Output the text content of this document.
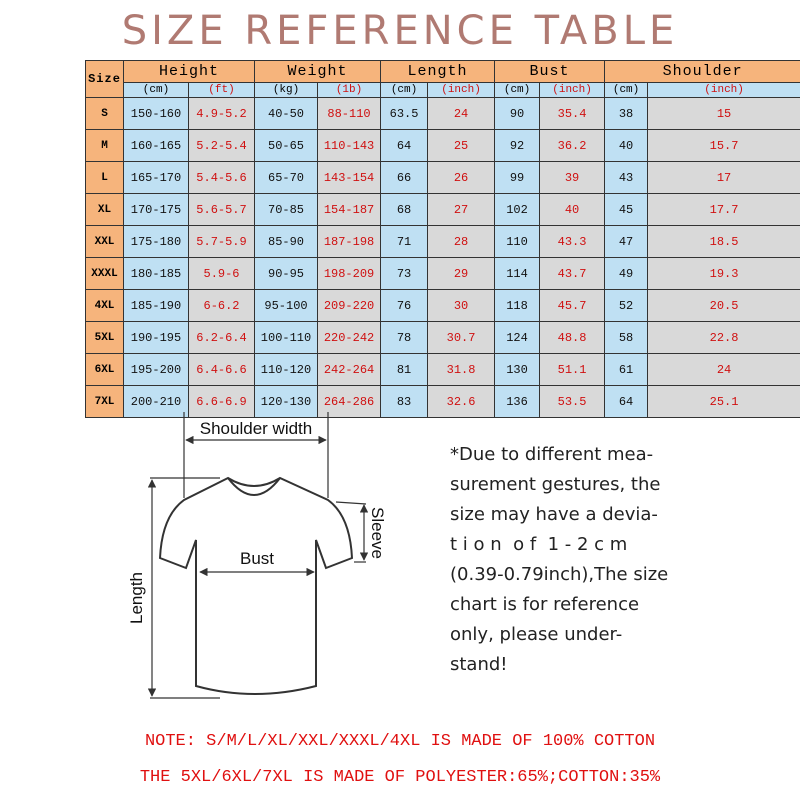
SIZE REFERENCE TABLE
Size	Height		Weight		Length		Bust		Shoulder	
	(cm)	(ft)	(kg)	(1b)	(cm)	(inch)	(cm)	(inch)	(cm)	(inch)
S	150-160	4.9-5.2	40-50	88-110	63.5	24	90	35.4	38	15
M	160-165	5.2-5.4	50-65	110-143	64	25	92	36.2	40	15.7
L	165-170	5.4-5.6	65-70	143-154	66	26	99	39	43	17
XL	170-175	5.6-5.7	70-85	154-187	68	27	102	40	45	17.7
XXL	175-180	5.7-5.9	85-90	187-198	71	28	110	43.3	47	18.5
XXXL	180-185	5.9-6	90-95	198-209	73	29	114	43.7	49	19.3
4XL	185-190	6-6.2	95-100	209-220	76	30	118	45.7	52	20.5
5XL	190-195	6.2-6.4	100-110	220-242	78	30.7	124	48.8	58	22.8
6XL	195-200	6.4-6.6	110-120	242-264	81	31.8	130	51.1	61	24
7XL	200-210	6.6-6.9	120-130	264-286	83	32.6	136	53.5	64	25.1
Shoulder width
Bust	Sleeve
Length
*Due to different mea-
surement gestures, the
size may have a devia-
t i o n  o f  1 - 2 c m
(0.39-0.79inch),The size
chart is for reference
only, please under-
stand!
NOTE: S/M/L/XL/XXL/XXXL/4XL IS MADE OF 100% COTTON
THE 5XL/6XL/7XL IS MADE OF POLYESTER:65%;COTTON:35%
